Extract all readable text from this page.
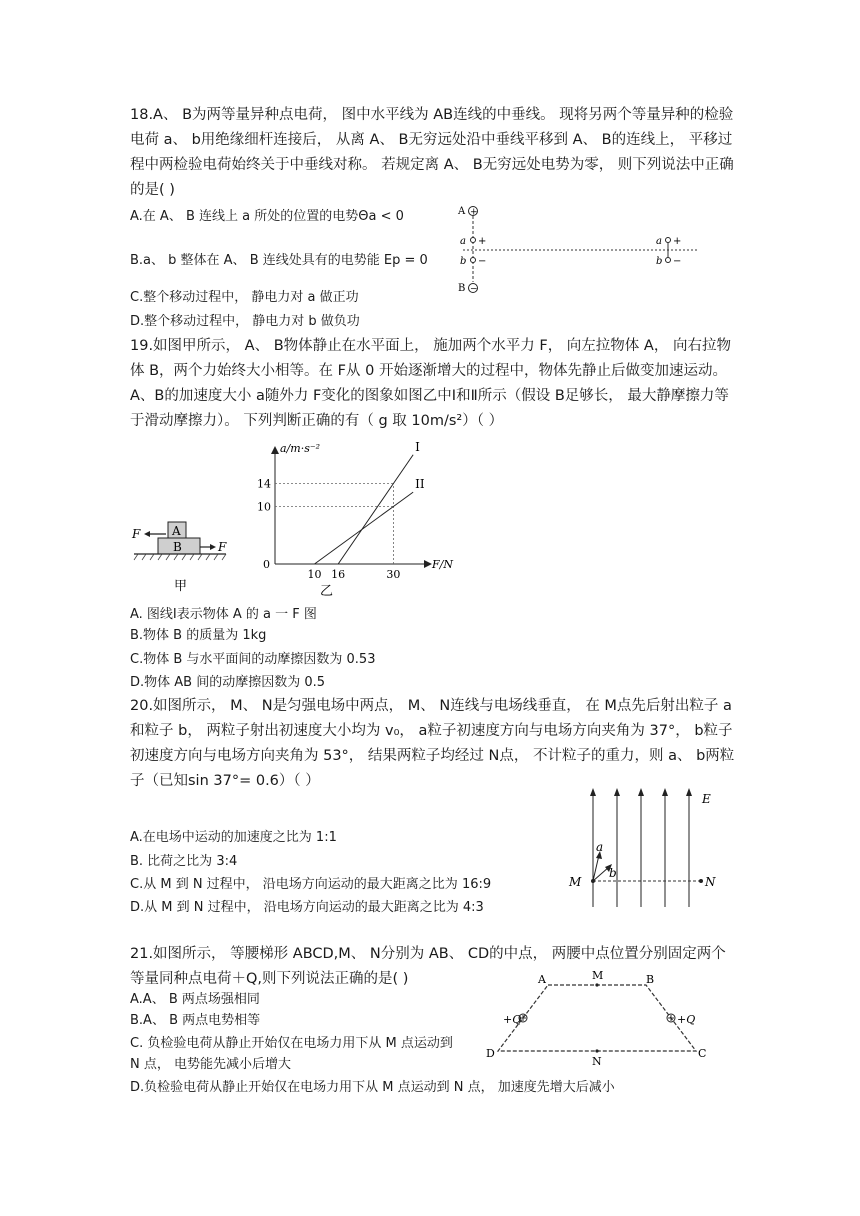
18.A、 B为两等量异种点电荷， 图中水平线为 AB连线的中垂线。 现将另两个等量异种的检验电荷 a、 b用绝缘细杆连接后， 从离 A、 B无穷远处沿中垂线平移到 A、 B的连线上， 平移过程中两检验电荷始终关于中垂线对称。 若规定离 A、 B无穷远处电势为零， 则下列说法中正确的是( )
A.在 A、 B 连线上 a 所处的位置的电势Θa < 0
B.a、 b 整体在 A、 B 连线处具有的电势能 Ep = 0
C.整个移动过程中， 静电力对 a 做正功
D.整个移动过程中， 静电力对 b 做负功
A +
a +
b −
a +
b −
B −
19.如图甲所示， A、 B物体静止在水平面上， 施加两个水平力 F， 向左拉物体 A， 向右拉物体 B，两个力始终大小相等。在 F从 0 开始逐渐增大的过程中，物体先静止后做变加速运动。A、B的加速度大小 a随外力 F变化的图象如图乙中Ⅰ和Ⅱ所示（假设 B足够长， 最大静摩擦力等于滑动摩擦力）。 下列判断正确的有（ g 取 10m/s²）（ ）
F	A
B	F
甲
a/m·s⁻²
F/N
0
乙
10
14
10 16	30
I
II
A. 图线Ⅰ表示物体 A 的 a 一 F 图
B.物体 B 的质量为 1kg
C.物体 B 与水平面间的动摩擦因数为 0.53
D.物体 AB 间的动摩擦因数为 0.5
20.如图所示， M、 N是匀强电场中两点， M、 N连线与电场线垂直， 在 M点先后射出粒子 a和粒子 b， 两粒子射出初速度大小均为 v₀， a粒子初速度方向与电场方向夹角为 37°， b粒子初速度方向与电场方向夹角为 53°， 结果两粒子均经过 N点， 不计粒子的重力，则 a、 b两粒子（已知sin 37°= 0.6）（ ）
A.在电场中运动的加速度之比为 1:1
B. 比荷之比为 3:4
C.从 M 到 N 过程中， 沿电场方向运动的最大距离之比为 16:9
D.从 M 到 N 过程中， 沿电场方向运动的最大距离之比为 4:3
E
M	N
a
b
21.如图所示， 等腰梯形 ABCD,M、 N分别为 AB、 CD的中点， 两腰中点位置分别固定两个等量同种点电荷＋Q,则下列说法正确的是( )
A.A、 B 两点场强相同
B.A、 B 两点电势相等
C. 负检验电荷从静止开始仅在电场力用下从 M 点运动到 N 点， 电势能先减小后增大
D.负检验电荷从静止开始仅在电场力用下从 M 点运动到 N 点， 加速度先增大后减小
A	B
C
D
M
N
+Q	+Q
